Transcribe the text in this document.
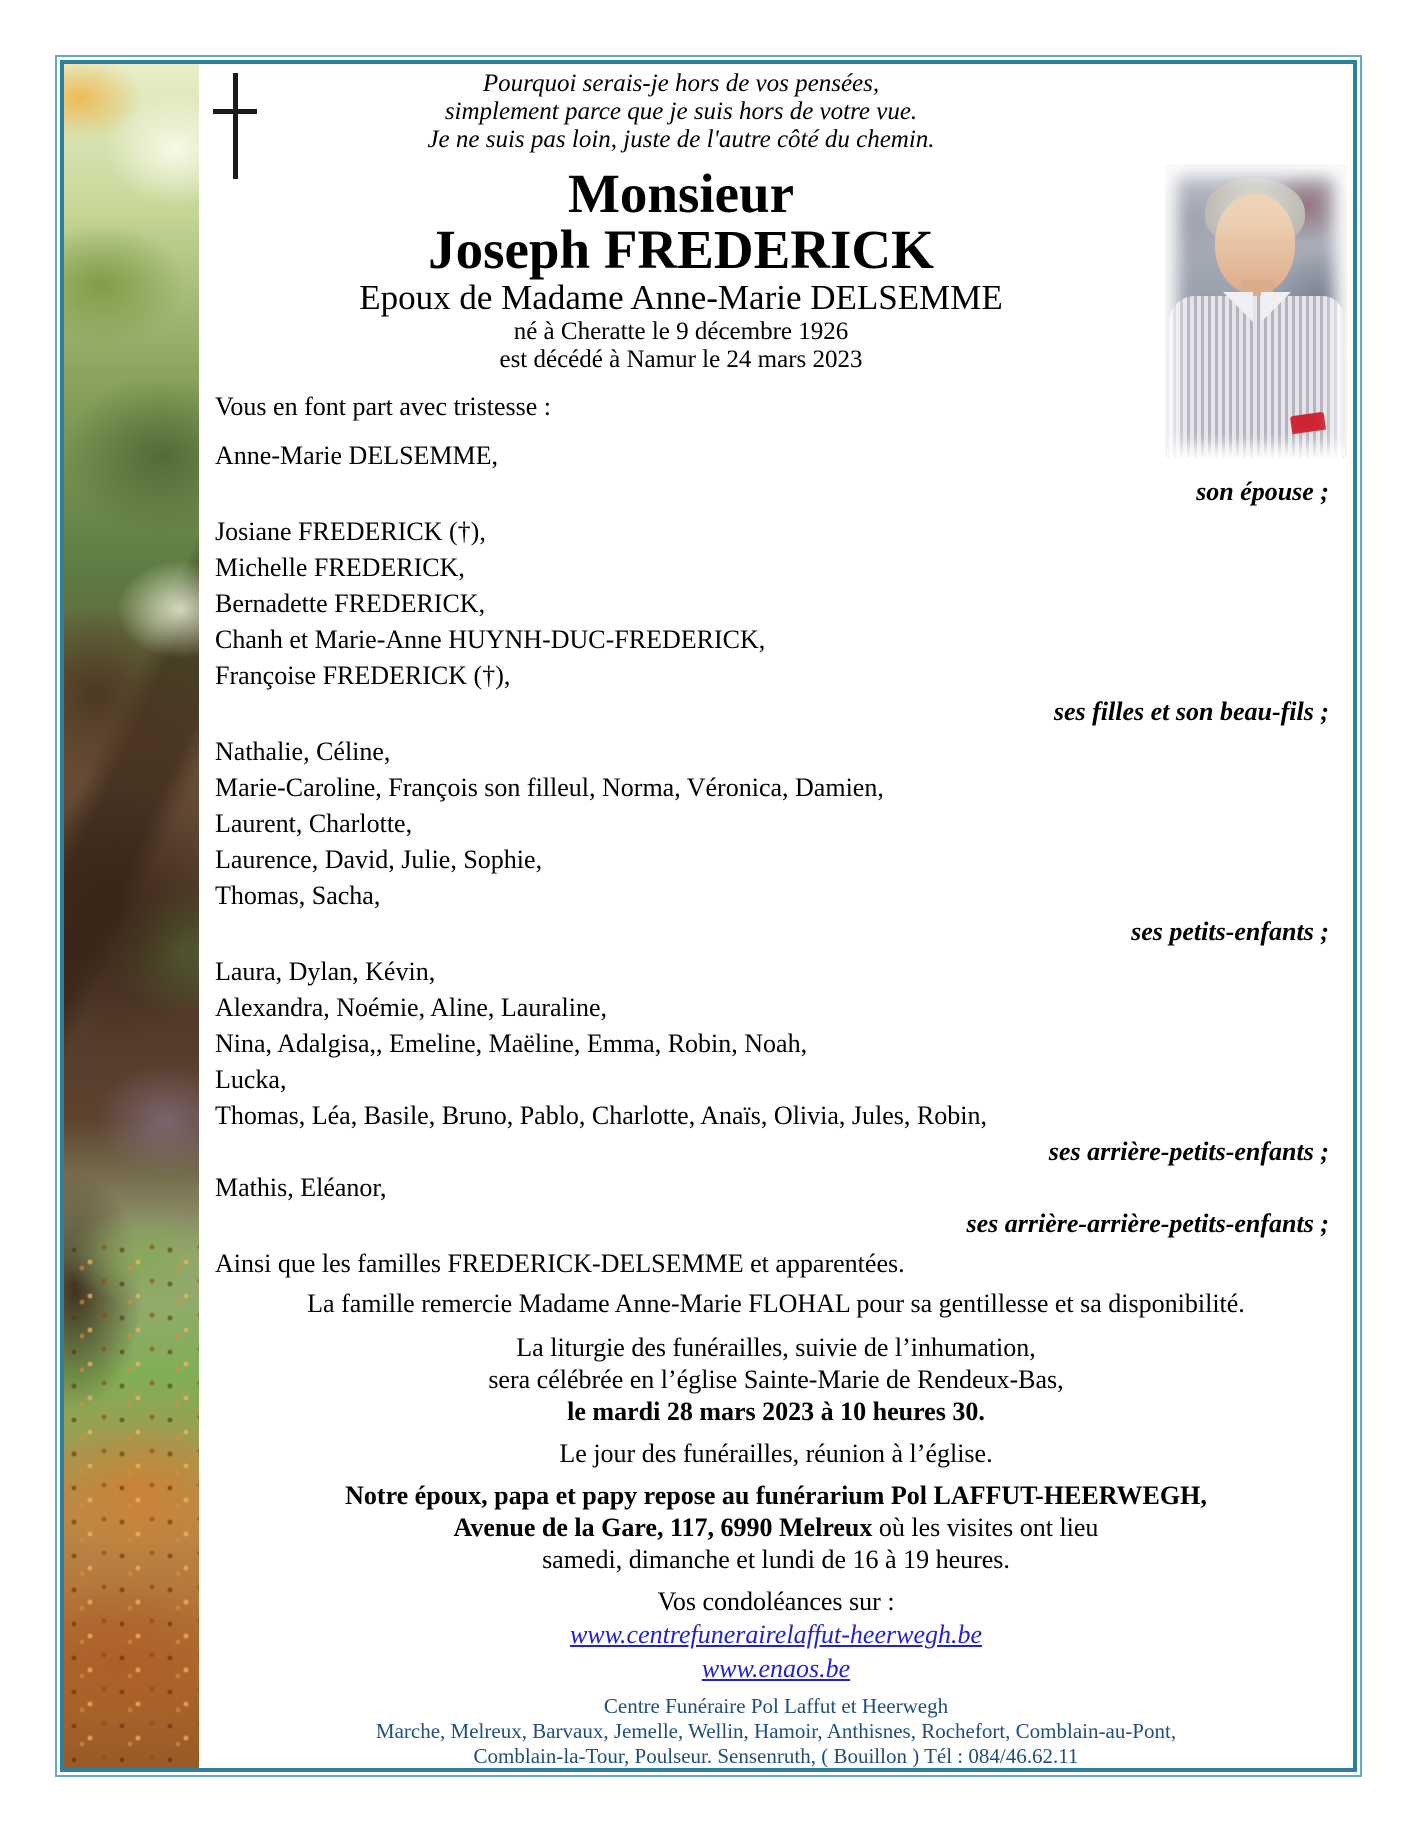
Pourquoi serais-je hors de vos pensées,
simplement parce que je suis hors de votre vue.
Je ne suis pas loin, juste de l'autre côté du chemin.
Monsieur
Joseph FREDERICK
Epoux de Madame Anne-Marie DELSEMME
né à Cheratte le 9 décembre 1926
est décédé à Namur le 24 mars 2023
Vous en font part avec tristesse :
Anne-Marie DELSEMME,
son épouse ;
Josiane FREDERICK (†),
Michelle FREDERICK,
Bernadette FREDERICK,
Chanh et Marie-Anne HUYNH-DUC-FREDERICK,
Françoise FREDERICK (†),
ses filles et son beau-fils ;
Nathalie, Céline,
Marie-Caroline, François son filleul, Norma, Véronica, Damien,
Laurent, Charlotte,
Laurence, David, Julie, Sophie,
Thomas, Sacha,
ses petits-enfants ;
Laura, Dylan, Kévin,
Alexandra, Noémie, Aline, Lauraline,
Nina, Adalgisa,, Emeline, Maëline, Emma, Robin, Noah,
Lucka,
Thomas, Léa, Basile, Bruno, Pablo, Charlotte, Anaïs, Olivia, Jules, Robin,
ses arrière-petits-enfants ;
Mathis, Eléanor,
ses arrière-arrière-petits-enfants ;
Ainsi que les familles FREDERICK-DELSEMME et apparentées.
La famille remercie Madame Anne-Marie FLOHAL pour sa gentillesse et sa disponibilité.
La liturgie des funérailles, suivie de l’inhumation,
sera célébrée en l’église Sainte-Marie de Rendeux-Bas,
le mardi 28 mars 2023 à 10 heures 30.
Le jour des funérailles, réunion à l’église.
Notre époux, papa et papy repose au funérarium Pol LAFFUT-HEERWEGH,
Avenue de la Gare, 117, 6990 Melreux où les visites ont lieu
samedi, dimanche et lundi de 16 à 19 heures.
Vos condoléances sur :
www.centrefunerairelaffut-heerwegh.be
www.enaos.be
Centre Funéraire Pol Laffut et Heerwegh
Marche, Melreux, Barvaux, Jemelle, Wellin, Hamoir, Anthisnes, Rochefort, Comblain-au-Pont,
Comblain-la-Tour, Poulseur. Sensenruth, ( Bouillon ) Tél : 084/46.62.11
